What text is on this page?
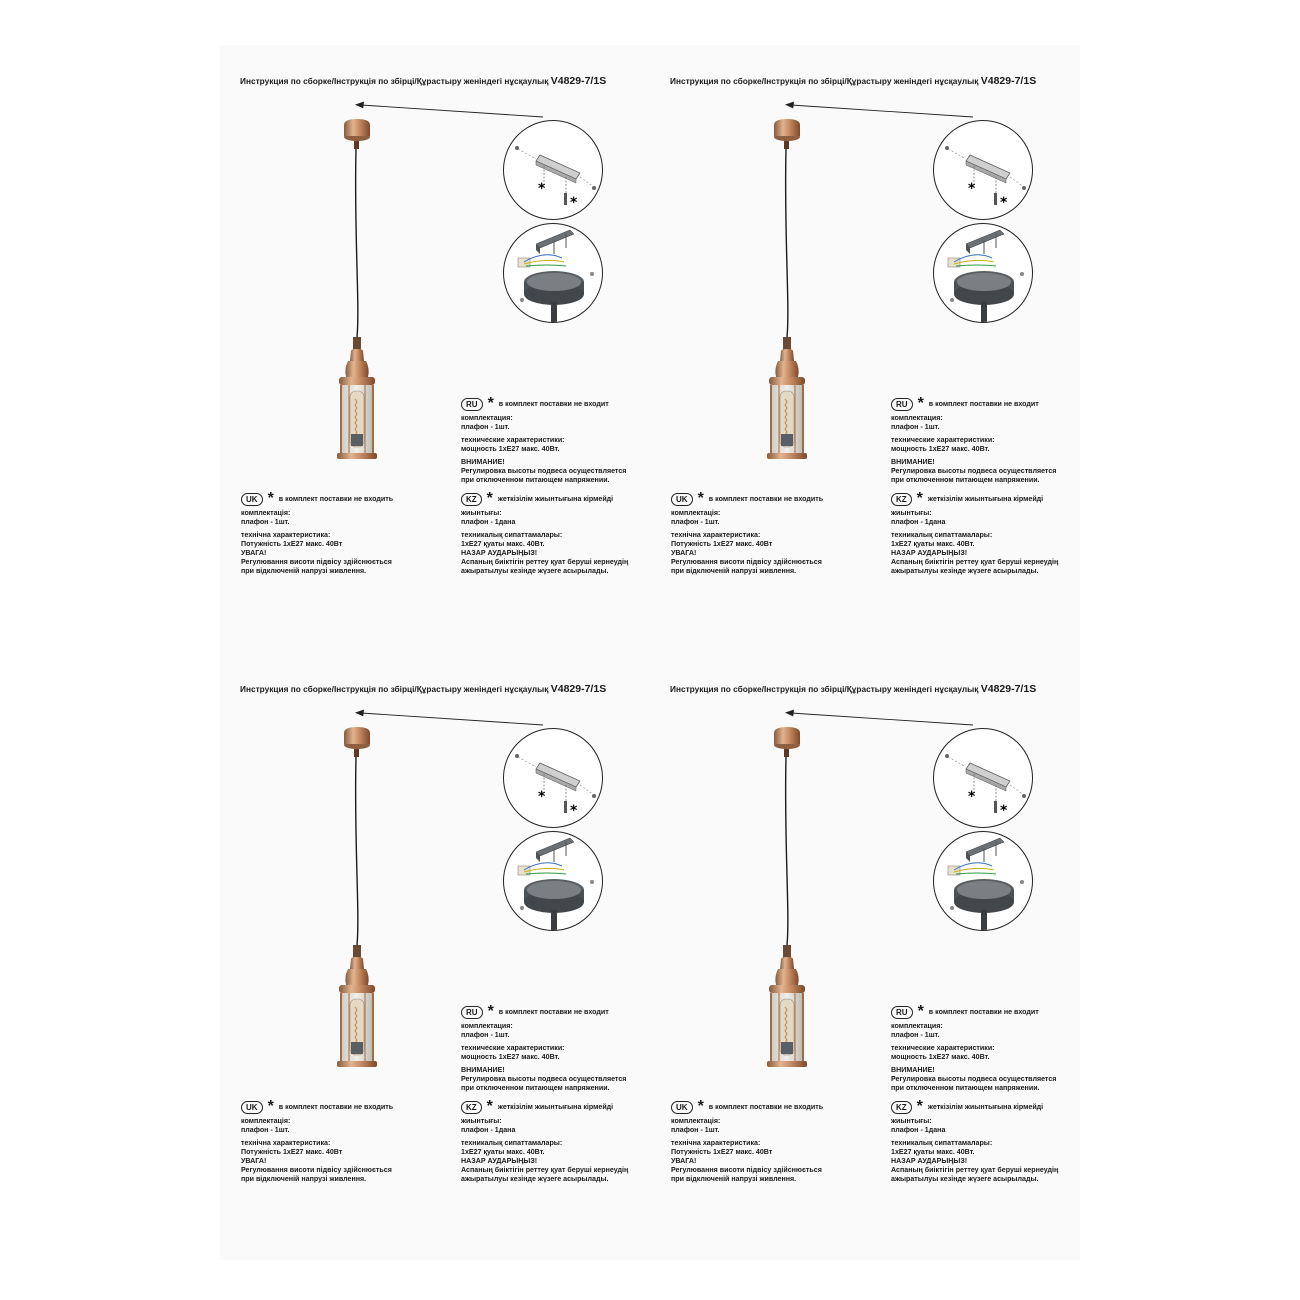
Инструкция по сборке/Інструкція по збірці/Құрастыру женіндегі нұсқаулық V4829-7/1S
*
*
RU * в комплект поставки не входит
комплектация:
плафон - 1шт.
технические характеристики:
мощность 1хE27 макс. 40Вт.
ВНИМАНИЕ!
Регулировка высоты подвеса осуществляется
при отключенном питающем напряжении.
UK * в комплект поставки не входить
комплектація:
плафон - 1шт.
технічна характеристика:
Потужність 1хE27 макс. 40Вт
УВАГА!
Регулювання висоти підвісу здійснюється
при відключеній напрузі живлення.
KZ * жеткізілім жиынтығына кірмейді
жиынтығы:
плафон - 1дана
техникалық сипаттамалары:
1хE27 қуаты макс. 40Вт.
НАЗАР АУДАРЫҢЫЗ!
Аспаның биіктігін реттеу қуат беруші кернеудің
ажыратылуы кезінде жүзеге асырылады.
Инструкция по сборке/Інструкція по збірці/Құрастыру женіндегі нұсқаулық V4829-7/1S
*
*
RU * в комплект поставки не входит
комплектация:
плафон - 1шт.
технические характеристики:
мощность 1хE27 макс. 40Вт.
ВНИМАНИЕ!
Регулировка высоты подвеса осуществляется
при отключенном питающем напряжении.
UK * в комплект поставки не входить
комплектація:
плафон - 1шт.
технічна характеристика:
Потужність 1хE27 макс. 40Вт
УВАГА!
Регулювання висоти підвісу здійснюється
при відключеній напрузі живлення.
KZ * жеткізілім жиынтығына кірмейді
жиынтығы:
плафон - 1дана
техникалық сипаттамалары:
1хE27 қуаты макс. 40Вт.
НАЗАР АУДАРЫҢЫЗ!
Аспаның биіктігін реттеу қуат беруші кернеудің
ажыратылуы кезінде жүзеге асырылады.
Инструкция по сборке/Інструкція по збірці/Құрастыру женіндегі нұсқаулық V4829-7/1S
*
*
RU * в комплект поставки не входит
комплектация:
плафон - 1шт.
технические характеристики:
мощность 1хE27 макс. 40Вт.
ВНИМАНИЕ!
Регулировка высоты подвеса осуществляется
при отключенном питающем напряжении.
UK * в комплект поставки не входить
комплектація:
плафон - 1шт.
технічна характеристика:
Потужність 1хE27 макс. 40Вт
УВАГА!
Регулювання висоти підвісу здійснюється
при відключеній напрузі живлення.
KZ * жеткізілім жиынтығына кірмейді
жиынтығы:
плафон - 1дана
техникалық сипаттамалары:
1хE27 қуаты макс. 40Вт.
НАЗАР АУДАРЫҢЫЗ!
Аспаның биіктігін реттеу қуат беруші кернеудің
ажыратылуы кезінде жүзеге асырылады.
Инструкция по сборке/Інструкція по збірці/Құрастыру женіндегі нұсқаулық V4829-7/1S
*
*
RU * в комплект поставки не входит
комплектация:
плафон - 1шт.
технические характеристики:
мощность 1хE27 макс. 40Вт.
ВНИМАНИЕ!
Регулировка высоты подвеса осуществляется
при отключенном питающем напряжении.
UK * в комплект поставки не входить
комплектація:
плафон - 1шт.
технічна характеристика:
Потужність 1хE27 макс. 40Вт
УВАГА!
Регулювання висоти підвісу здійснюється
при відключеній напрузі живлення.
KZ * жеткізілім жиынтығына кірмейді
жиынтығы:
плафон - 1дана
техникалық сипаттамалары:
1хE27 қуаты макс. 40Вт.
НАЗАР АУДАРЫҢЫЗ!
Аспаның биіктігін реттеу қуат беруші кернеудің
ажыратылуы кезінде жүзеге асырылады.
